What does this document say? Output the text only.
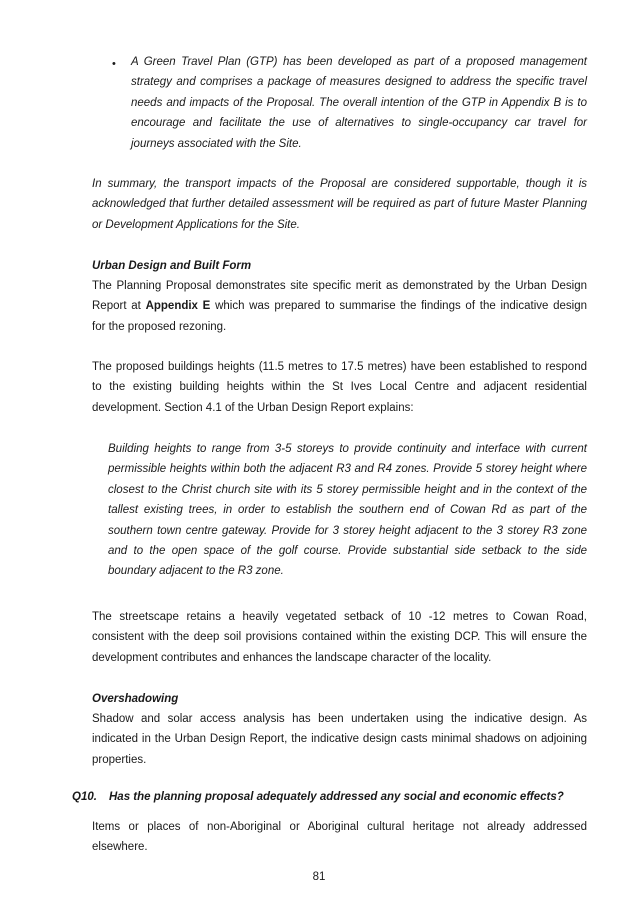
• A Green Travel Plan (GTP) has been developed as part of a proposed management
strategy and comprises a package of measures designed to address the specific travel
needs and impacts of the Proposal. The overall intention of the GTP in Appendix B is to
encourage and facilitate the use of alternatives to single-occupancy car travel for
journeys associated with the Site.

In summary, the transport impacts of the Proposal are considered supportable, though it is
acknowledged that further detailed assessment will be required as part of future Master Planning
or Development Applications for the Site.

Urban Design and Built Form

The Planning Proposal demonstrates site specific merit as demonstrated by the Urban Design
Report at Appendix E which was prepared to summarise the findings of the indicative design
for the proposed rezoning.

The proposed buildings heights (11.5 metres to 17.5 metres) have been established to respond
to the existing building heights within the St Ives Local Centre and adjacent residential
development. Section 4.1 of the Urban Design Report explains:

Building heights to range from 3-5 storeys to provide continuity and interface with current
permissible heights within both the adjacent R3 and R4 zones. Provide 5 storey height where
closest to the Christ church site with its 5 storey permissible height and in the context of the
tallest existing trees, in order to establish the southern end of Cowan Rd as part of the
southern town centre gateway. Provide for 3 storey height adjacent to the 3 storey R3 zone
and to the open space of the golf course. Provide substantial side setback to the side
boundary adjacent to the R3 zone.

The streetscape retains a heavily vegetated setback of 10 -12 metres to Cowan Road,
consistent with the deep soil provisions contained within the existing DCP. This will ensure the
development contributes and enhances the landscape character of the locality.

Overshadowing

Shadow and solar access analysis has been undertaken using the indicative design. As
indicated in the Urban Design Report, the indicative design casts minimal shadows on adjoining
properties.

Q10. Has the planning proposal adequately addressed any social and economic effects?

Items or places of non-Aboriginal or Aboriginal cultural heritage not already addressed
elsewhere.

81
